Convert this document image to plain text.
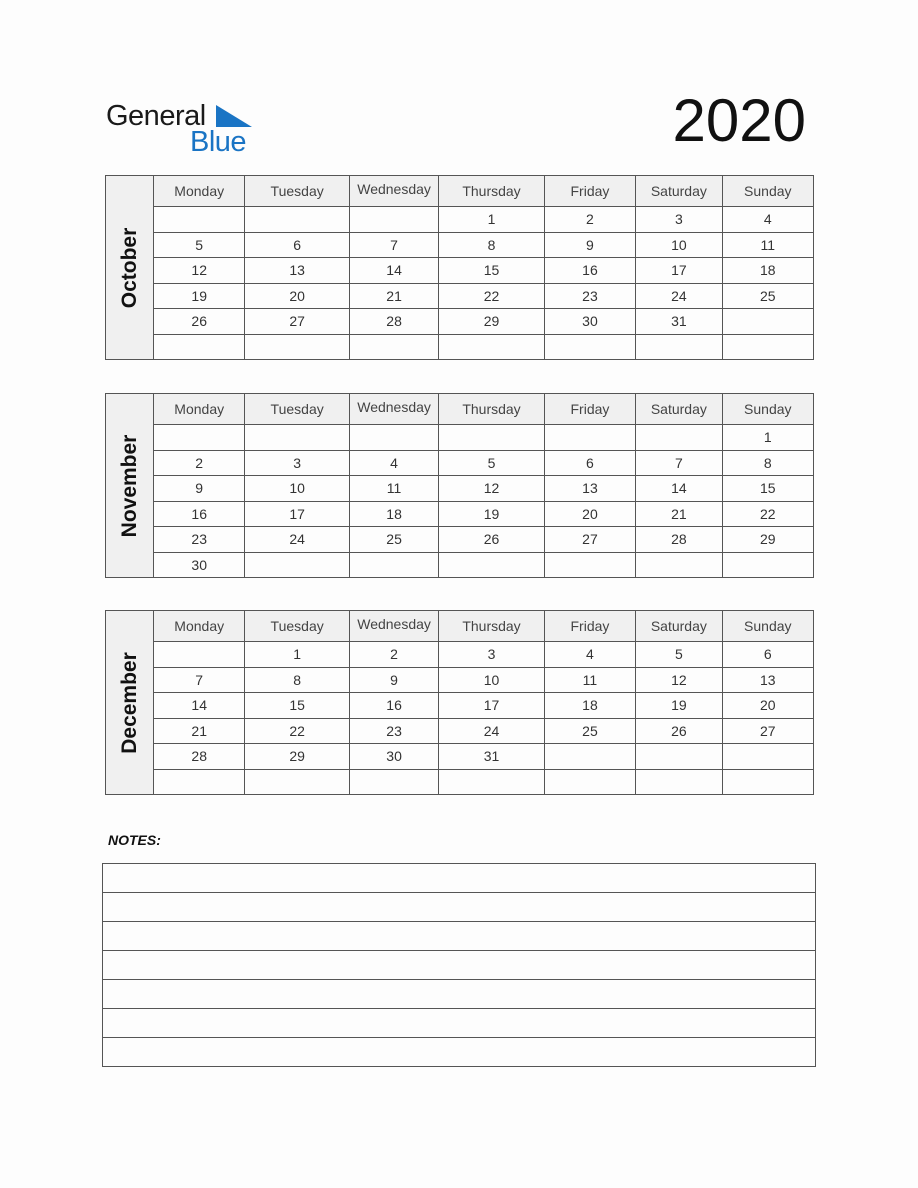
General
Blue	2020
October
Monday	Tuesday	Wednesday	Thursday	Friday	Saturday	Sunday
			1	2	3	4
5	6	7	8	9	10	11
12	13	14	15	16	17	18
19	20	21	22	23	24	25
26	27	28	29	30	31	

November
Monday	Tuesday	Wednesday	Thursday	Friday	Saturday	Sunday
						1
2	3	4	5	6	7	8
9	10	11	12	13	14	15
16	17	18	19	20	21	22
23	24	25	26	27	28	29
30						
December
Monday	Tuesday	Wednesday	Thursday	Friday	Saturday	Sunday
	1	2	3	4	5	6
7	8	9	10	11	12	13
14	15	16	17	18	19	20
21	22	23	24	25	26	27
28	29	30	31			

NOTES:
